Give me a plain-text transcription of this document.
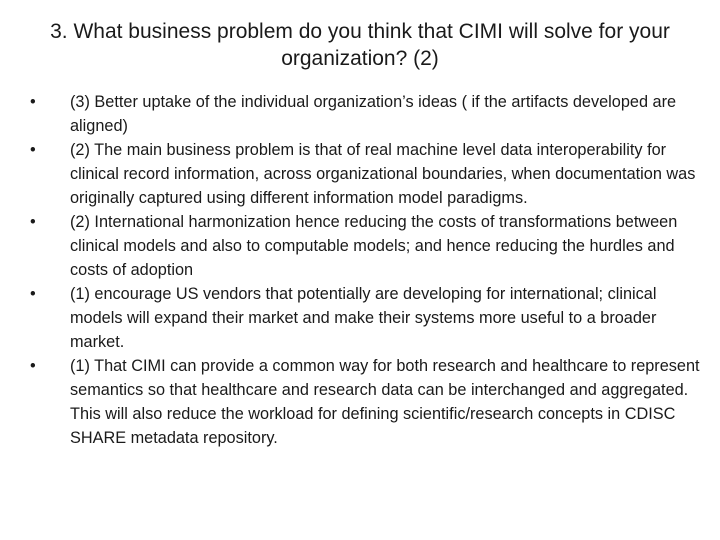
3. What business problem do you think that CIMI will solve for your organization? (2)
•	(3) Better uptake of the individual organization’s ideas ( if the artifacts developed are aligned)
•	(2) The main business problem is that of real machine level data interoperability for clinical record information, across organizational boundaries, when documentation was originally captured using different information model paradigms.
•	(2) International harmonization hence reducing the costs of transformations between clinical models and also to computable models; and hence reducing the hurdles and costs of adoption
•	(1) encourage US vendors that potentially are developing for international; clinical models will expand their market and make their systems more useful to a broader market.
•	(1) That CIMI can provide a common way for both research and healthcare to represent semantics so that healthcare and research data can be interchanged and aggregated. This will also reduce the workload for defining scientific/research concepts in CDISC SHARE metadata repository.
